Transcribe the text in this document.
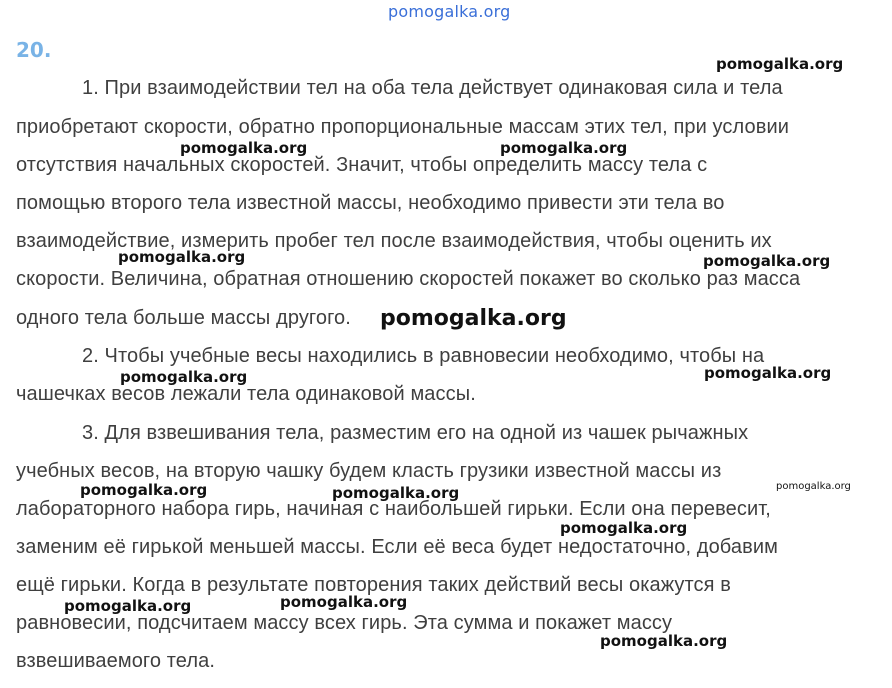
pomogalka.org
20.
1. При взаимодействии тел на оба тела действует одинаковая сила и тела
приобретают скорости, обратно пропорциональные массам этих тел, при условии
отсутствия начальных скоростей. Значит, чтобы определить массу тела с
помощью второго тела известной массы, необходимо привести эти тела во
взаимодействие, измерить пробег тел после взаимодействия, чтобы оценить их
скорости. Величина, обратная отношению скоростей покажет во сколько раз масса
одного тела больше массы другого.
2. Чтобы учебные весы находились в равновесии необходимо, чтобы на
чашечках весов лежали тела одинаковой массы.
3. Для взвешивания тела, разместим его на одной из чашек рычажных
учебных весов, на вторую чашку будем класть грузики известной массы из
лабораторного набора гирь, начиная с наибольшей гирьки. Если она перевесит,
заменим её гирькой меньшей массы. Если её веса будет недостаточно, добавим
ещё гирьки. Когда в результате повторения таких действий весы окажутся в
равновесии, подсчитаем массу всех гирь. Эта сумма и покажет массу
взвешиваемого тела.
pomogalka.org
pomogalka.org	pomogalka.org
pomogalka.org	pomogalka.org
pomogalka.org
pomogalka.org	pomogalka.org
pomogalka.org	pomogalka.org	pomogalka.org
pomogalka.org
pomogalka.org	pomogalka.org
pomogalka.org
